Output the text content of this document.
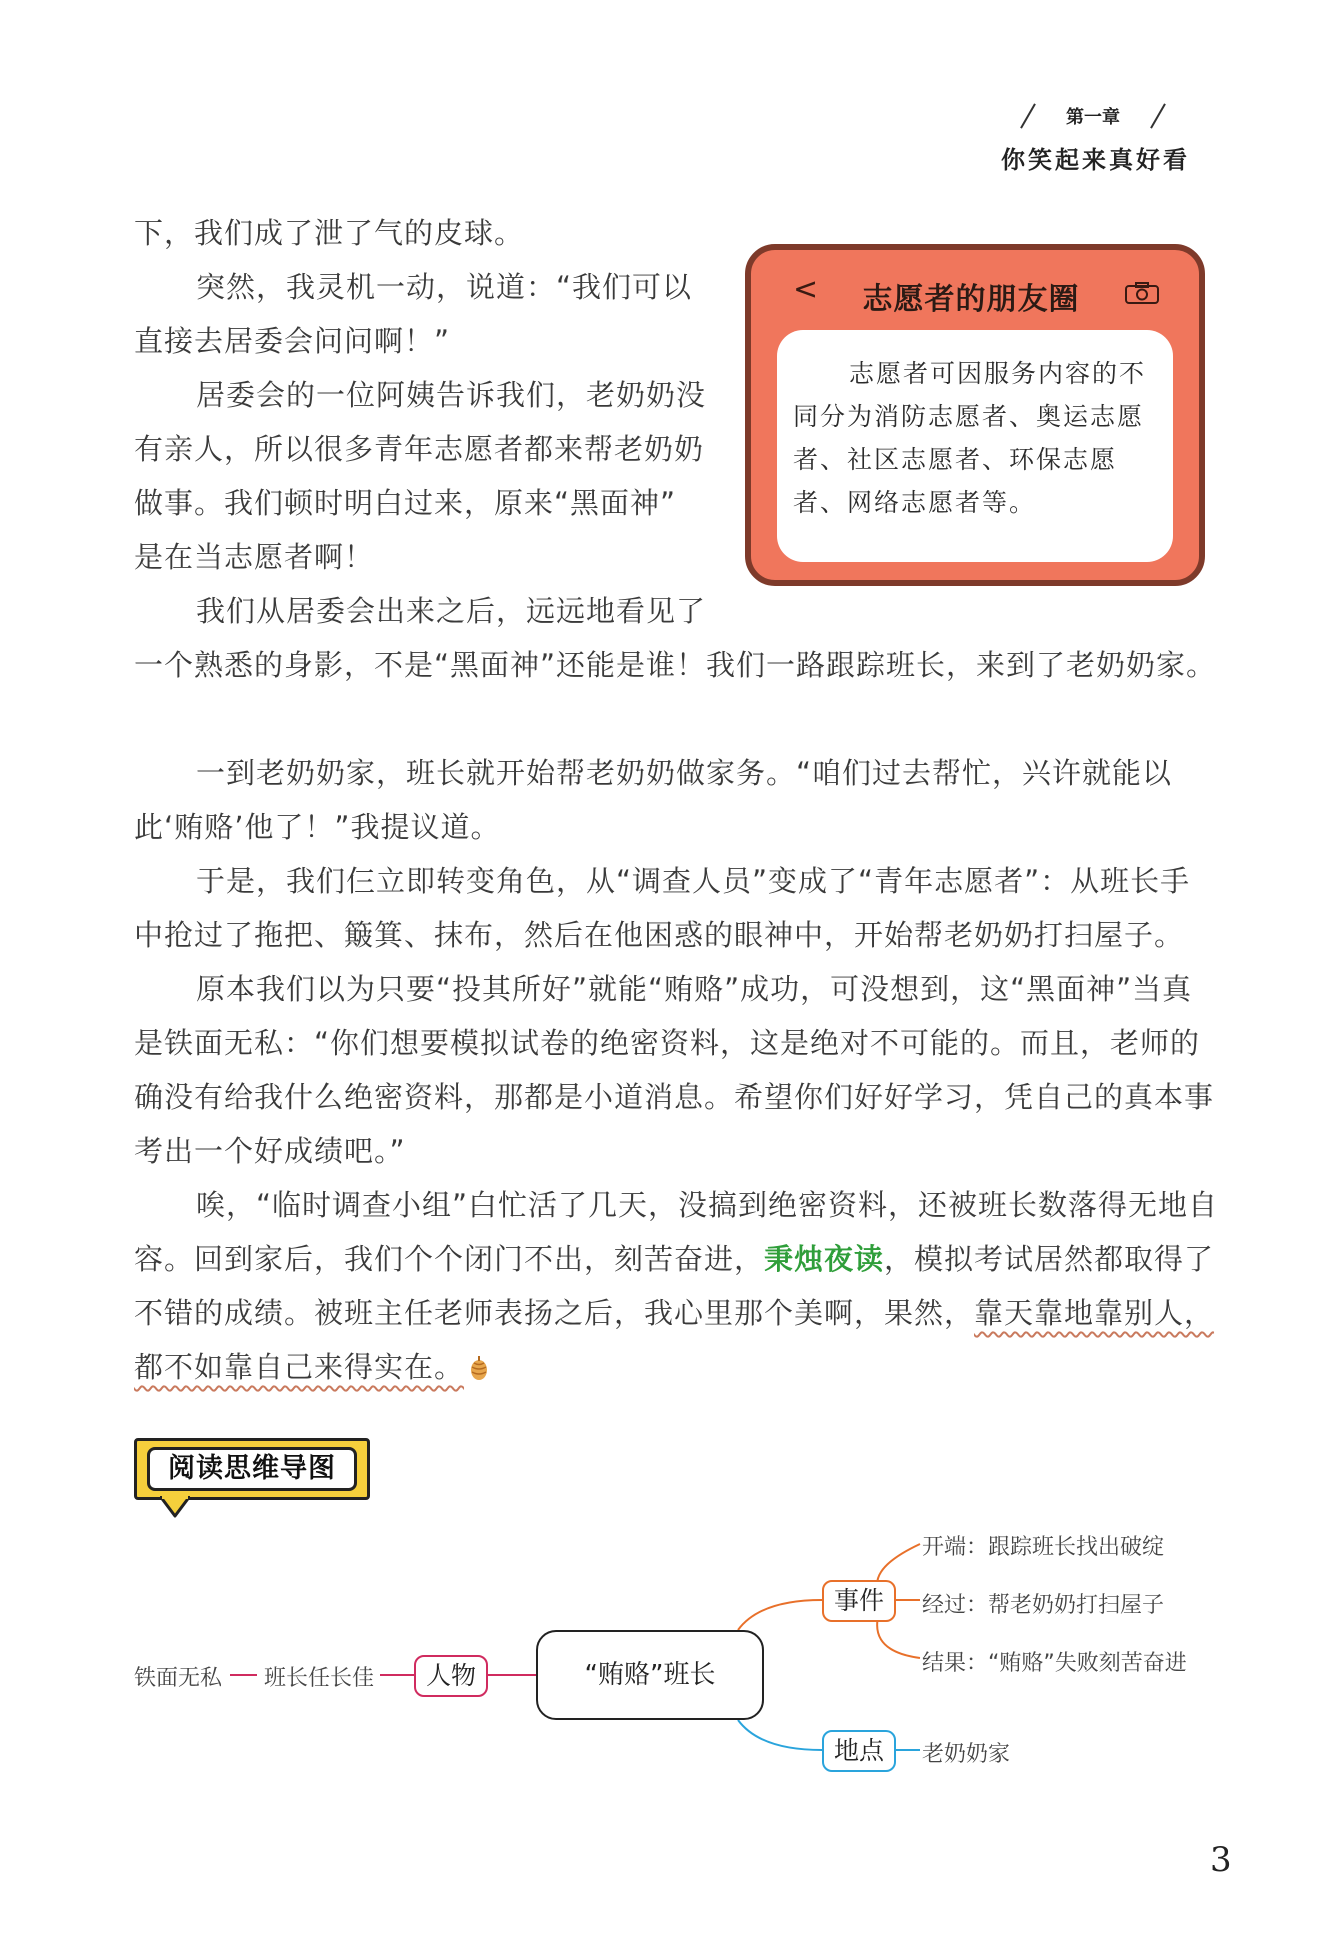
第一章
你笑起来真好看
下，我们成了泄了气的皮球。
突然，我灵机一动，说道：“我们可以
直接去居委会问问啊！”
居委会的一位阿姨告诉我们，老奶奶没
有亲人，所以很多青年志愿者都来帮老奶奶
做事。我们顿时明白过来，原来“黑面神”
是在当志愿者啊！
我们从居委会出来之后，远远地看见了
<	志愿者的朋友圈
志愿者可因服务内容的不同分为消防志愿者、奥运志愿者、社区志愿者、环保志愿者、网络志愿者等。
一个熟悉的身影，不是“黑面神”还能是谁！我们一路跟踪班长，来到了老奶奶家。
一到老奶奶家，班长就开始帮老奶奶做家务。“咱们过去帮忙，兴许就能以此‘贿赂’他了！”我提议道。
于是，我们仨立即转变角色，从“调查人员”变成了“青年志愿者”：从班长手中抢过了拖把、簸箕、抹布，然后在他困惑的眼神中，开始帮老奶奶打扫屋子。
原本我们以为只要“投其所好”就能“贿赂”成功，可没想到，这“黑面神”当真是铁面无私：“你们想要模拟试卷的绝密资料，这是绝对不可能的。而且，老师的确没有给我什么绝密资料，那都是小道消息。希望你们好好学习，凭自己的真本事考出一个好成绩吧。”
唉，“临时调查小组”白忙活了几天，没搞到绝密资料，还被班长数落得无地自容。回到家后，我们个个闭门不出，刻苦奋进，秉烛夜读，模拟考试居然都取得了不错的成绩。被班主任老师表扬之后，我心里那个美啊，果然，靠天靠地靠别人，都不如靠自己来得实在。
阅读思维导图
铁面无私 班长任长佳	人物	“贿赂”班长
事件
开端：跟踪班长找出破绽
经过：帮老奶奶打扫屋子
结果：“贿赂”失败刻苦奋进
地点	老奶奶家
3
